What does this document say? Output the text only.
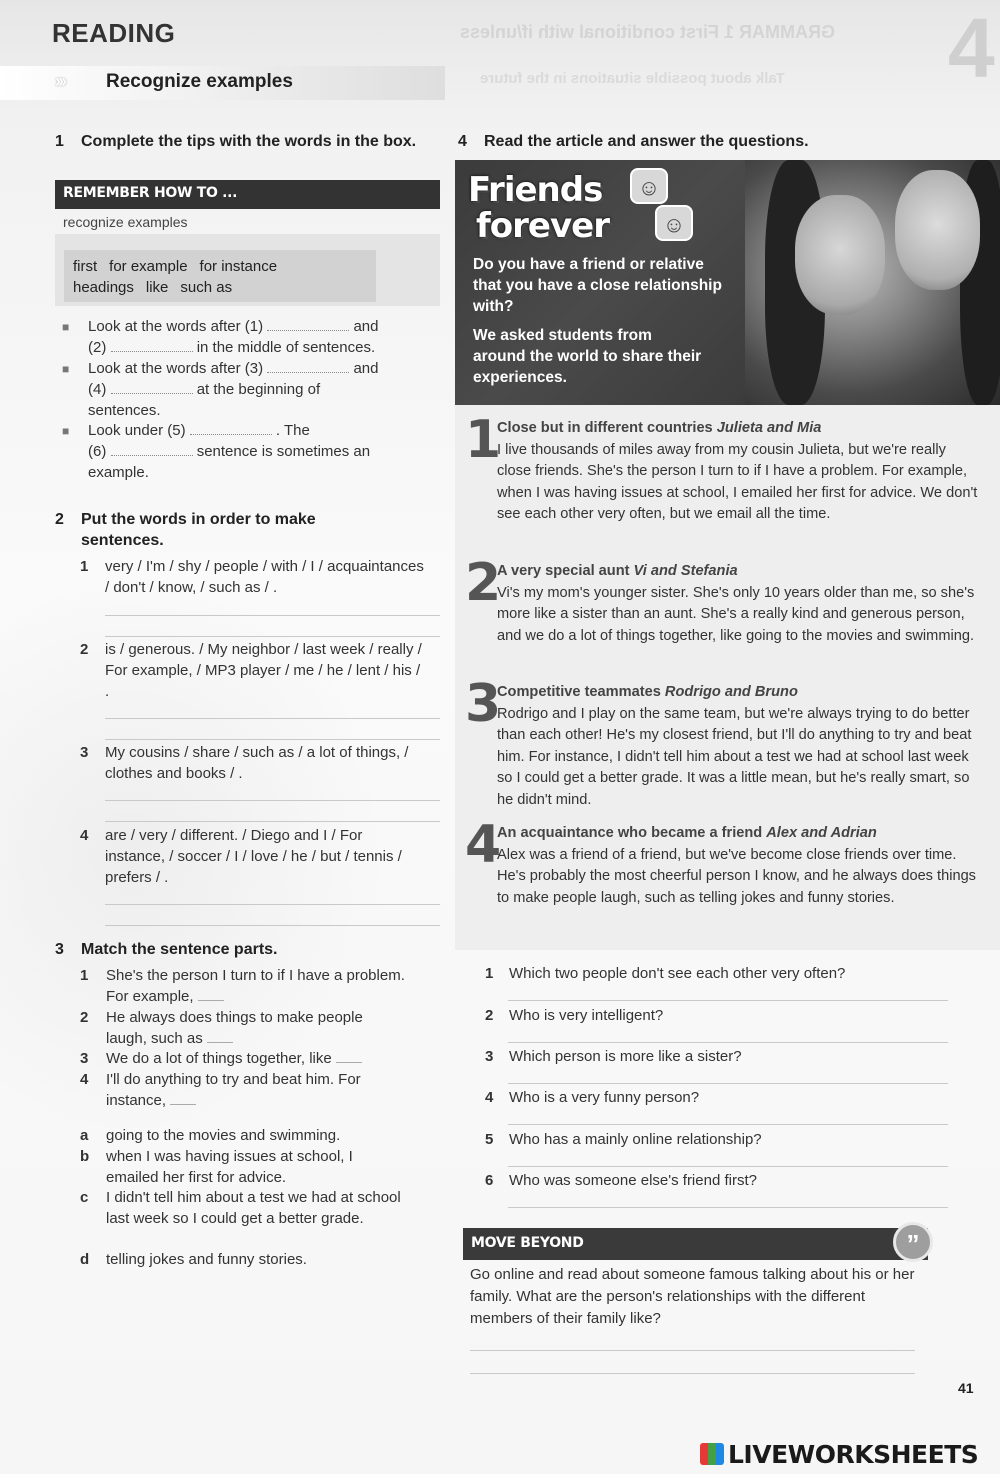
GRAMMAR 1 First conditional with if/unless
Talk about possible situations in the future 4
READING
››› Recognize examples
1 Complete the tips with the words in the box.
REMEMBER HOW TO ...
recognize examples
first for example for instance
headings like such as
■ Look at the words after (1)	and
(2)	in the middle of sentences.
■ Look at the words after (3)	and
(4)	at the beginning of
sentences.
■ Look under (5)	. The
(6)	sentence is sometimes an
example.
2 Put the words in order to make sentences.
1 very / I'm / shy / people / with / I / acquaintances / don't / know, / such as / .
2 is / generous. / My neighbor / last week / really / For example, / MP3 player / me / he / lent / his / .
3 My cousins / share / such as / a lot of things, / clothes and books / .
4 are / very / different. / Diego and I / For instance, / soccer / I / love / he / but / tennis / prefers / .
3 Match the sentence parts.
1 She's the person I turn to if I have a problem. For example,
2 He always does things to make people laugh, such as
3 We do a lot of things together, like
4 I'll do anything to try and beat him. For instance,
a going to the movies and swimming.
b when I was having issues at school, I emailed her first for advice.
c I didn't tell him about a test we had at school last week so I could get a better grade.
d telling jokes and funny stories.
4 Read the article and answer the questions.
Friends
forever
☺
☺
Do you have a friend or relative that you have a close relationship with?
We asked students from around the world to share their experiences.
1
Close but in different countries Julieta and Mia
I live thousands of miles away from my cousin Julieta, but we're really close friends. She's the person I turn to if I have a problem. For example, when I was having issues at school, I emailed her first for advice. We don't see each other very often, but we email all the time.
2
A very special aunt Vi and Stefania
Vi's my mom's younger sister. She's only 10 years older than me, so she's more like a sister than an aunt. She's a really kind and generous person, and we do a lot of things together, like going to the movies and swimming.
3
Competitive teammates Rodrigo and Bruno
Rodrigo and I play on the same team, but we're always trying to do better than each other! He's my closest friend, but I'll do anything to try and beat him. For instance, I didn't tell him about a test we had at school last week so I could get a better grade. It was a little mean, but he's really smart, so he didn't mind.
4
An acquaintance who became a friend Alex and Adrian
Alex was a friend of a friend, but we've become close friends over time. He's probably the most cheerful person I know, and he always does things to make people laugh, such as telling jokes and funny stories.
1 Which two people don't see each other very often?
2 Who is very intelligent?
3 Which person is more like a sister?
4 Who is a very funny person?
5 Who has a mainly online relationship?
6 Who was someone else's friend first?
MOVE BEYOND	”
Go online and read about someone famous talking about his or her family. What are the person's relationships with the different members of their family like?
41
LIVEWORKSHEETS
